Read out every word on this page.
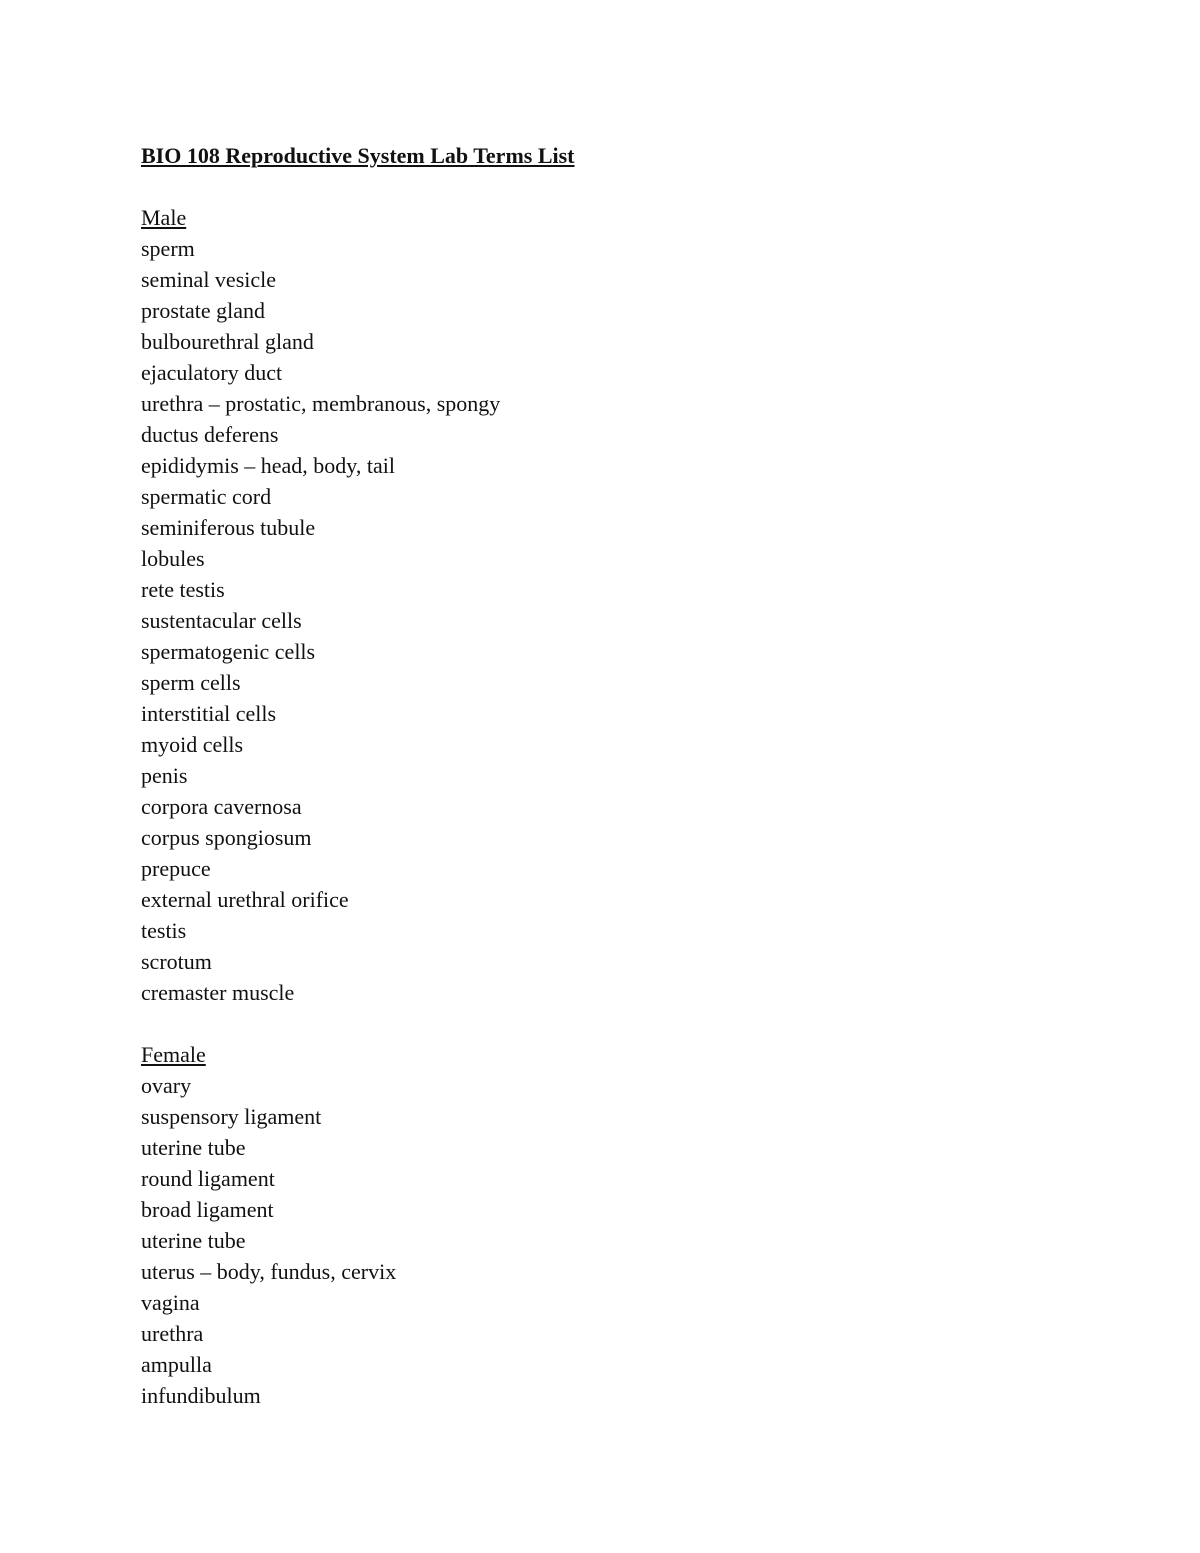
BIO 108 Reproductive System Lab Terms List
Male
sperm
seminal vesicle
prostate gland
bulbourethral gland
ejaculatory duct
urethra – prostatic, membranous, spongy
ductus deferens
epididymis – head, body, tail
spermatic cord
seminiferous tubule
lobules
rete testis
sustentacular cells
spermatogenic cells
sperm cells
interstitial cells
myoid cells
penis
corpora cavernosa
corpus spongiosum
prepuce
external urethral orifice
testis
scrotum
cremaster muscle
Female
ovary
suspensory ligament
uterine tube
round ligament
broad ligament
uterine tube
uterus – body, fundus, cervix
vagina
urethra
ampulla
infundibulum
